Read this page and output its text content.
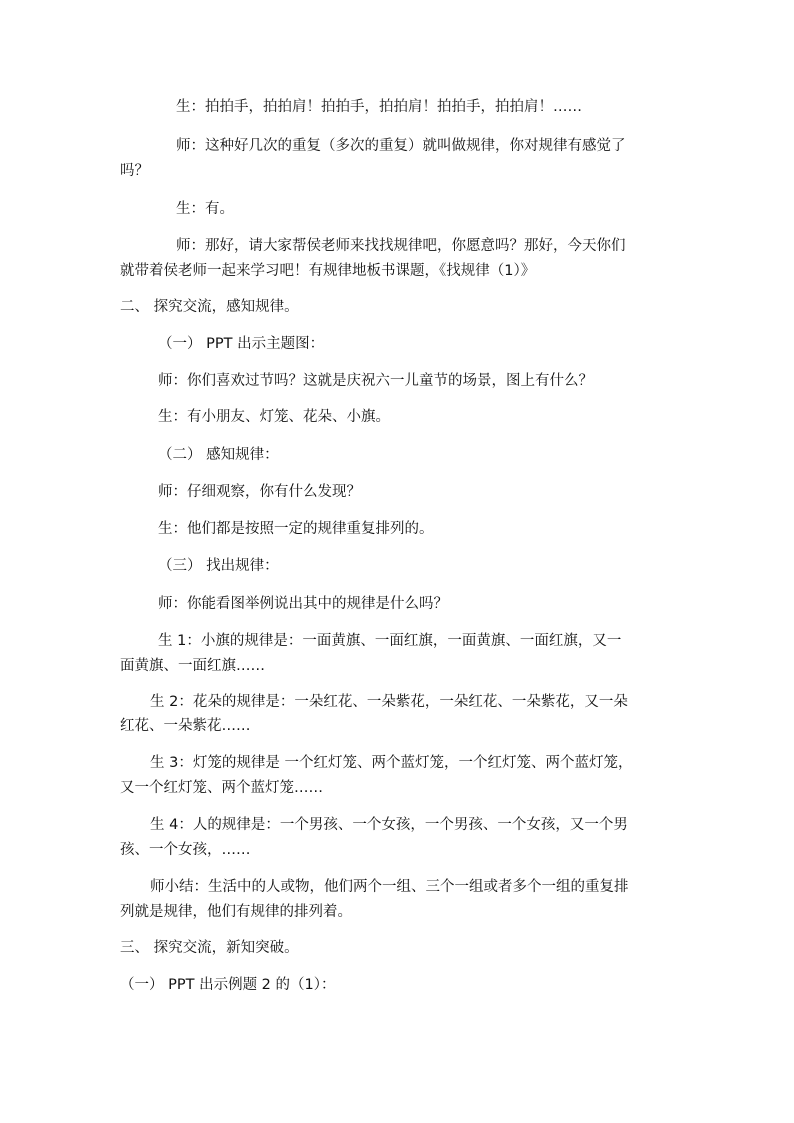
生：拍拍手，拍拍肩！拍拍手，拍拍肩！拍拍手，拍拍肩！……
师：这种好几次的重复（多次的重复）就叫做规律，你对规律有感觉了
吗？
生：有。
师：那好，请大家帮侯老师来找找规律吧，你愿意吗？那好，今天你们
就带着侯老师一起来学习吧！有规律地板书课题，《找规律（1）》
二、 探究交流，感知规律。
（一） PPT 出示主题图：
师：你们喜欢过节吗？这就是庆祝六一儿童节的场景，图上有什么？
生：有小朋友、灯笼、花朵、小旗。
（二） 感知规律：
师：仔细观察，你有什么发现？
生：他们都是按照一定的规律重复排列的。
（三） 找出规律：
师：你能看图举例说出其中的规律是什么吗？
生 1：小旗的规律是：一面黄旗、一面红旗，一面黄旗、一面红旗，又一
面黄旗、一面红旗……
生 2：花朵的规律是：一朵红花、一朵紫花，一朵红花、一朵紫花，又一朵
红花、一朵紫花……
生 3：灯笼的规律是 一个红灯笼、两个蓝灯笼，一个红灯笼、两个蓝灯笼，
又一个红灯笼、两个蓝灯笼……
生 4：人的规律是：一个男孩、一个女孩，一个男孩、一个女孩，又一个男
孩、一个女孩，……
师小结：生活中的人或物，他们两个一组、三个一组或者多个一组的重复排
列就是规律，他们有规律的排列着。
三、 探究交流，新知突破。
（一） PPT 出示例题 2 的（1）：
